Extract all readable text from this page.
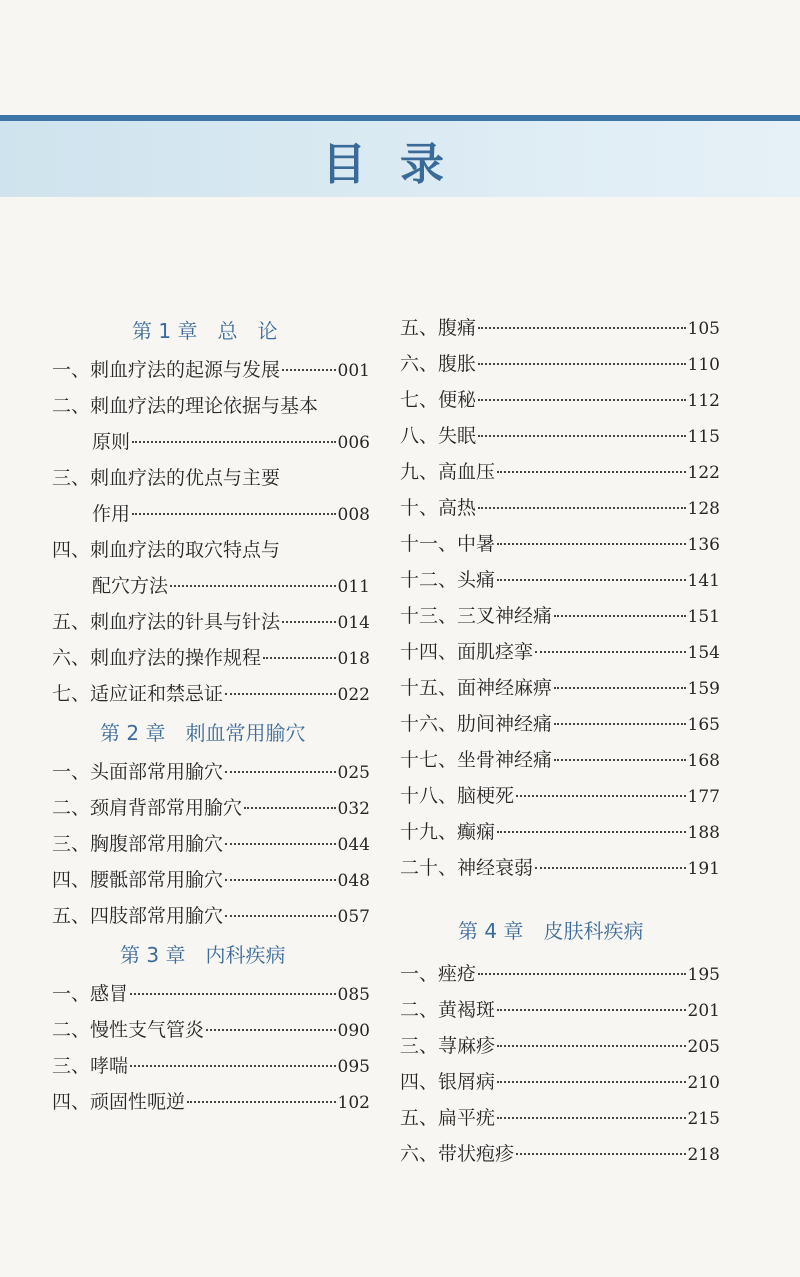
目录
第 1 章　总　论
一、刺血疗法的起源与发展	001
二、刺血疗法的理论依据与基本
原则	006
三、刺血疗法的优点与主要
作用	008
四、刺血疗法的取穴特点与
配穴方法	011
五、刺血疗法的针具与针法	014
六、刺血疗法的操作规程	018
七、适应证和禁忌证	022
第 2 章　刺血常用腧穴
一、头面部常用腧穴	025
二、颈肩背部常用腧穴	032
三、胸腹部常用腧穴	044
四、腰骶部常用腧穴	048
五、四肢部常用腧穴	057
第 3 章　内科疾病
一、感冒	085
二、慢性支气管炎	090
三、哮喘	095
四、顽固性呃逆	102
五、腹痛	105
六、腹胀	110
七、便秘	112
八、失眠	115
九、高血压	122
十、高热	128
十一、中暑	136
十二、头痛	141
十三、三叉神经痛	151
十四、面肌痉挛	154
十五、面神经麻痹	159
十六、肋间神经痛	165
十七、坐骨神经痛	168
十八、脑梗死	177
十九、癫痫	188
二十、神经衰弱	191
第 4 章　皮肤科疾病
一、痤疮	195
二、黄褐斑	201
三、荨麻疹	205
四、银屑病	210
五、扁平疣	215
六、带状疱疹	218
